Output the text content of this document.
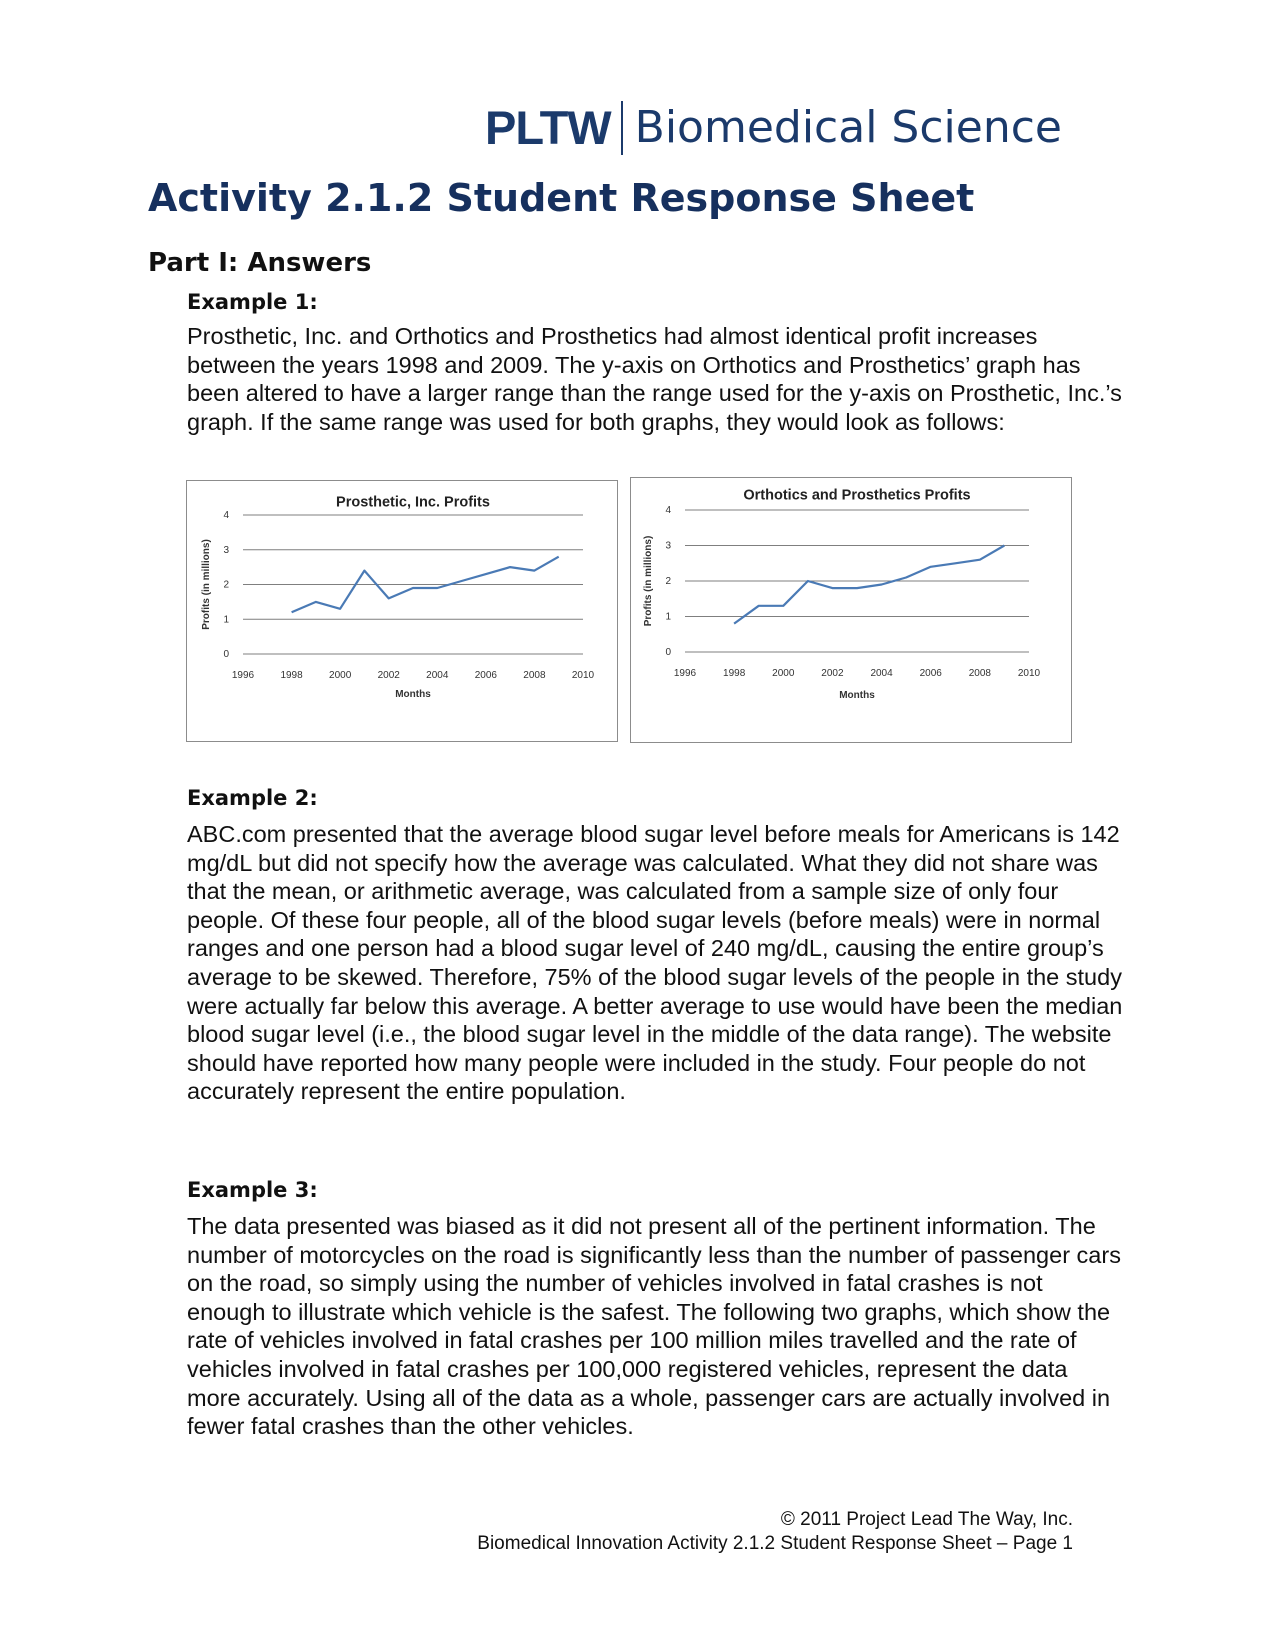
PLTW Biomedical Science
Activity 2.1.2 Student Response Sheet
Part I: Answers
Example 1:

Prosthetic, Inc. and Orthotics and Prosthetics had almost identical profit increases between the years 1998 and 2009. The y-axis on Orthotics and Prosthetics’ graph has been altered to have a larger range than the range used for the y-axis on Prosthetic, Inc.’s graph. If the same range was used for both graphs, they would look as follows:

Prosthetic, Inc. Profits
0
1
2
3
4
1996	1998	2000	2002	2004	2006	2008	2010
Months
Profits (in millions)
Orthotics and Prosthetics Profits
0
1
2
3
4
1996	1998	2000	2002	2004	2006	2008	2010
Months
Profits (in millions)
Example 2:

ABC.com presented that the average blood sugar level before meals for Americans is 142 mg/dL but did not specify how the average was calculated. What they did not share was that the mean, or arithmetic average, was calculated from a sample size of only four people. Of these four people, all of the blood sugar levels (before meals) were in normal ranges and one person had a blood sugar level of 240 mg/dL, causing the entire group’s average to be skewed. Therefore, 75% of the blood sugar levels of the people in the study were actually far below this average. A better average to use would have been the median blood sugar level (i.e., the blood sugar level in the middle of the data range). The website should have reported how many people were included in the study. Four people do not accurately represent the entire population.

Example 3:

The data presented was biased as it did not present all of the pertinent information. The number of motorcycles on the road is significantly less than the number of passenger cars on the road, so simply using the number of vehicles involved in fatal crashes is not enough to illustrate which vehicle is the safest. The following two graphs, which show the rate of vehicles involved in fatal crashes per 100 million miles travelled and the rate of vehicles involved in fatal crashes per 100,000 registered vehicles, represent the data more accurately. Using all of the data as a whole, passenger cars are actually involved in fewer fatal crashes than the other vehicles.

© 2011 Project Lead The Way, Inc.
Biomedical Innovation Activity 2.1.2 Student Response Sheet – Page 1
